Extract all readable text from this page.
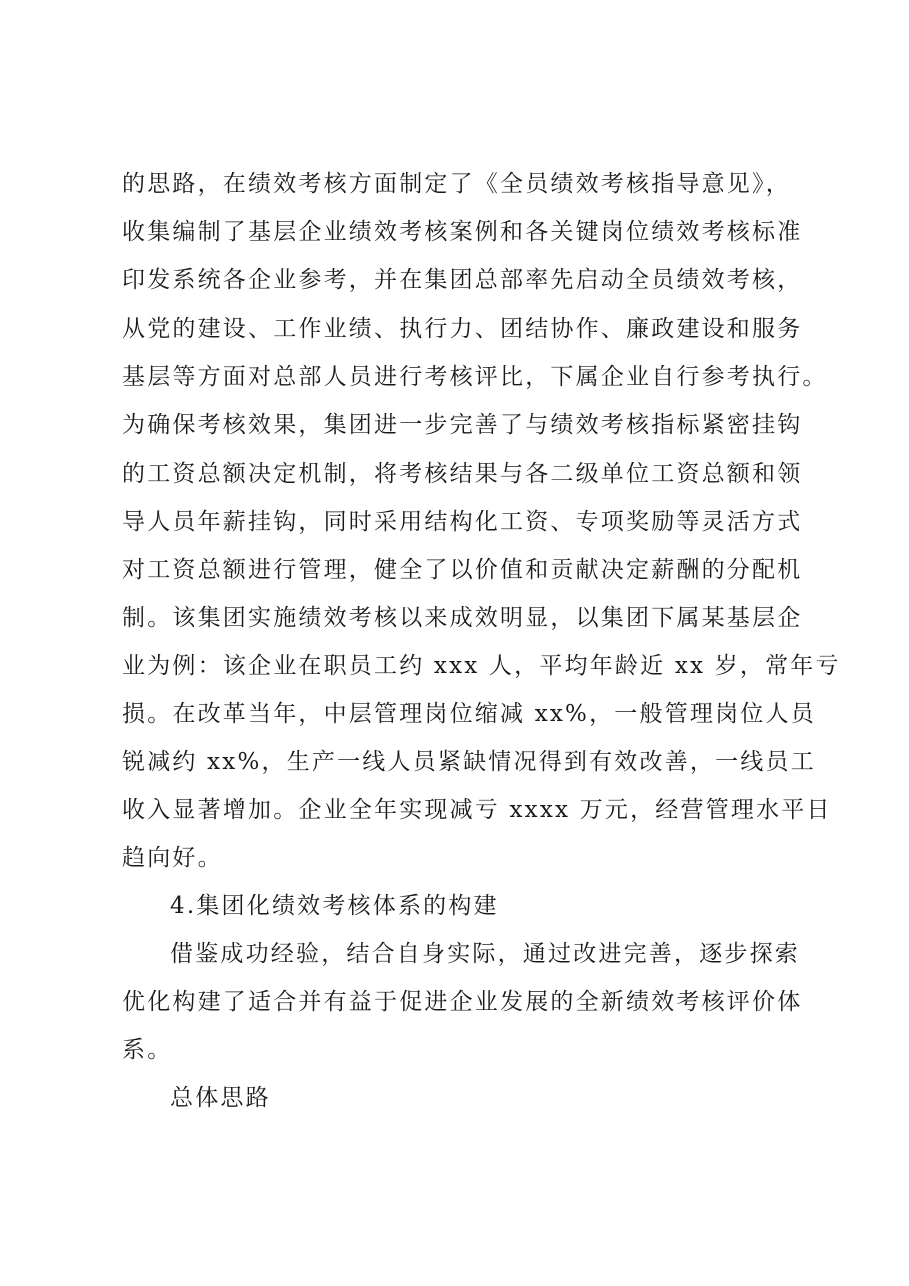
的思路，在绩效考核方面制定了《全员绩效考核指导意见》，
收集编制了基层企业绩效考核案例和各关键岗位绩效考核标准
印发系统各企业参考，并在集团总部率先启动全员绩效考核，
从党的建设、工作业绩、执行力、团结协作、廉政建设和服务
基层等方面对总部人员进行考核评比，下属企业自行参考执行。
为确保考核效果，集团进一步完善了与绩效考核指标紧密挂钩
的工资总额决定机制，将考核结果与各二级单位工资总额和领
导人员年薪挂钩，同时采用结构化工资、专项奖励等灵活方式
对工资总额进行管理，健全了以价值和贡献决定薪酬的分配机
制。该集团实施绩效考核以来成效明显，以集团下属某基层企
业为例：该企业在职员工约 xxx 人，平均年龄近 xx 岁，常年亏
损。在改革当年，中层管理岗位缩减 xx%，一般管理岗位人员
锐减约 xx%，生产一线人员紧缺情况得到有效改善，一线员工
收入显著增加。企业全年实现减亏 xxxx 万元，经营管理水平日
趋向好。
4.集团化绩效考核体系的构建
借鉴成功经验，结合自身实际，通过改进完善，逐步探索
优化构建了适合并有益于促进企业发展的全新绩效考核评价体
系。
总体思路
